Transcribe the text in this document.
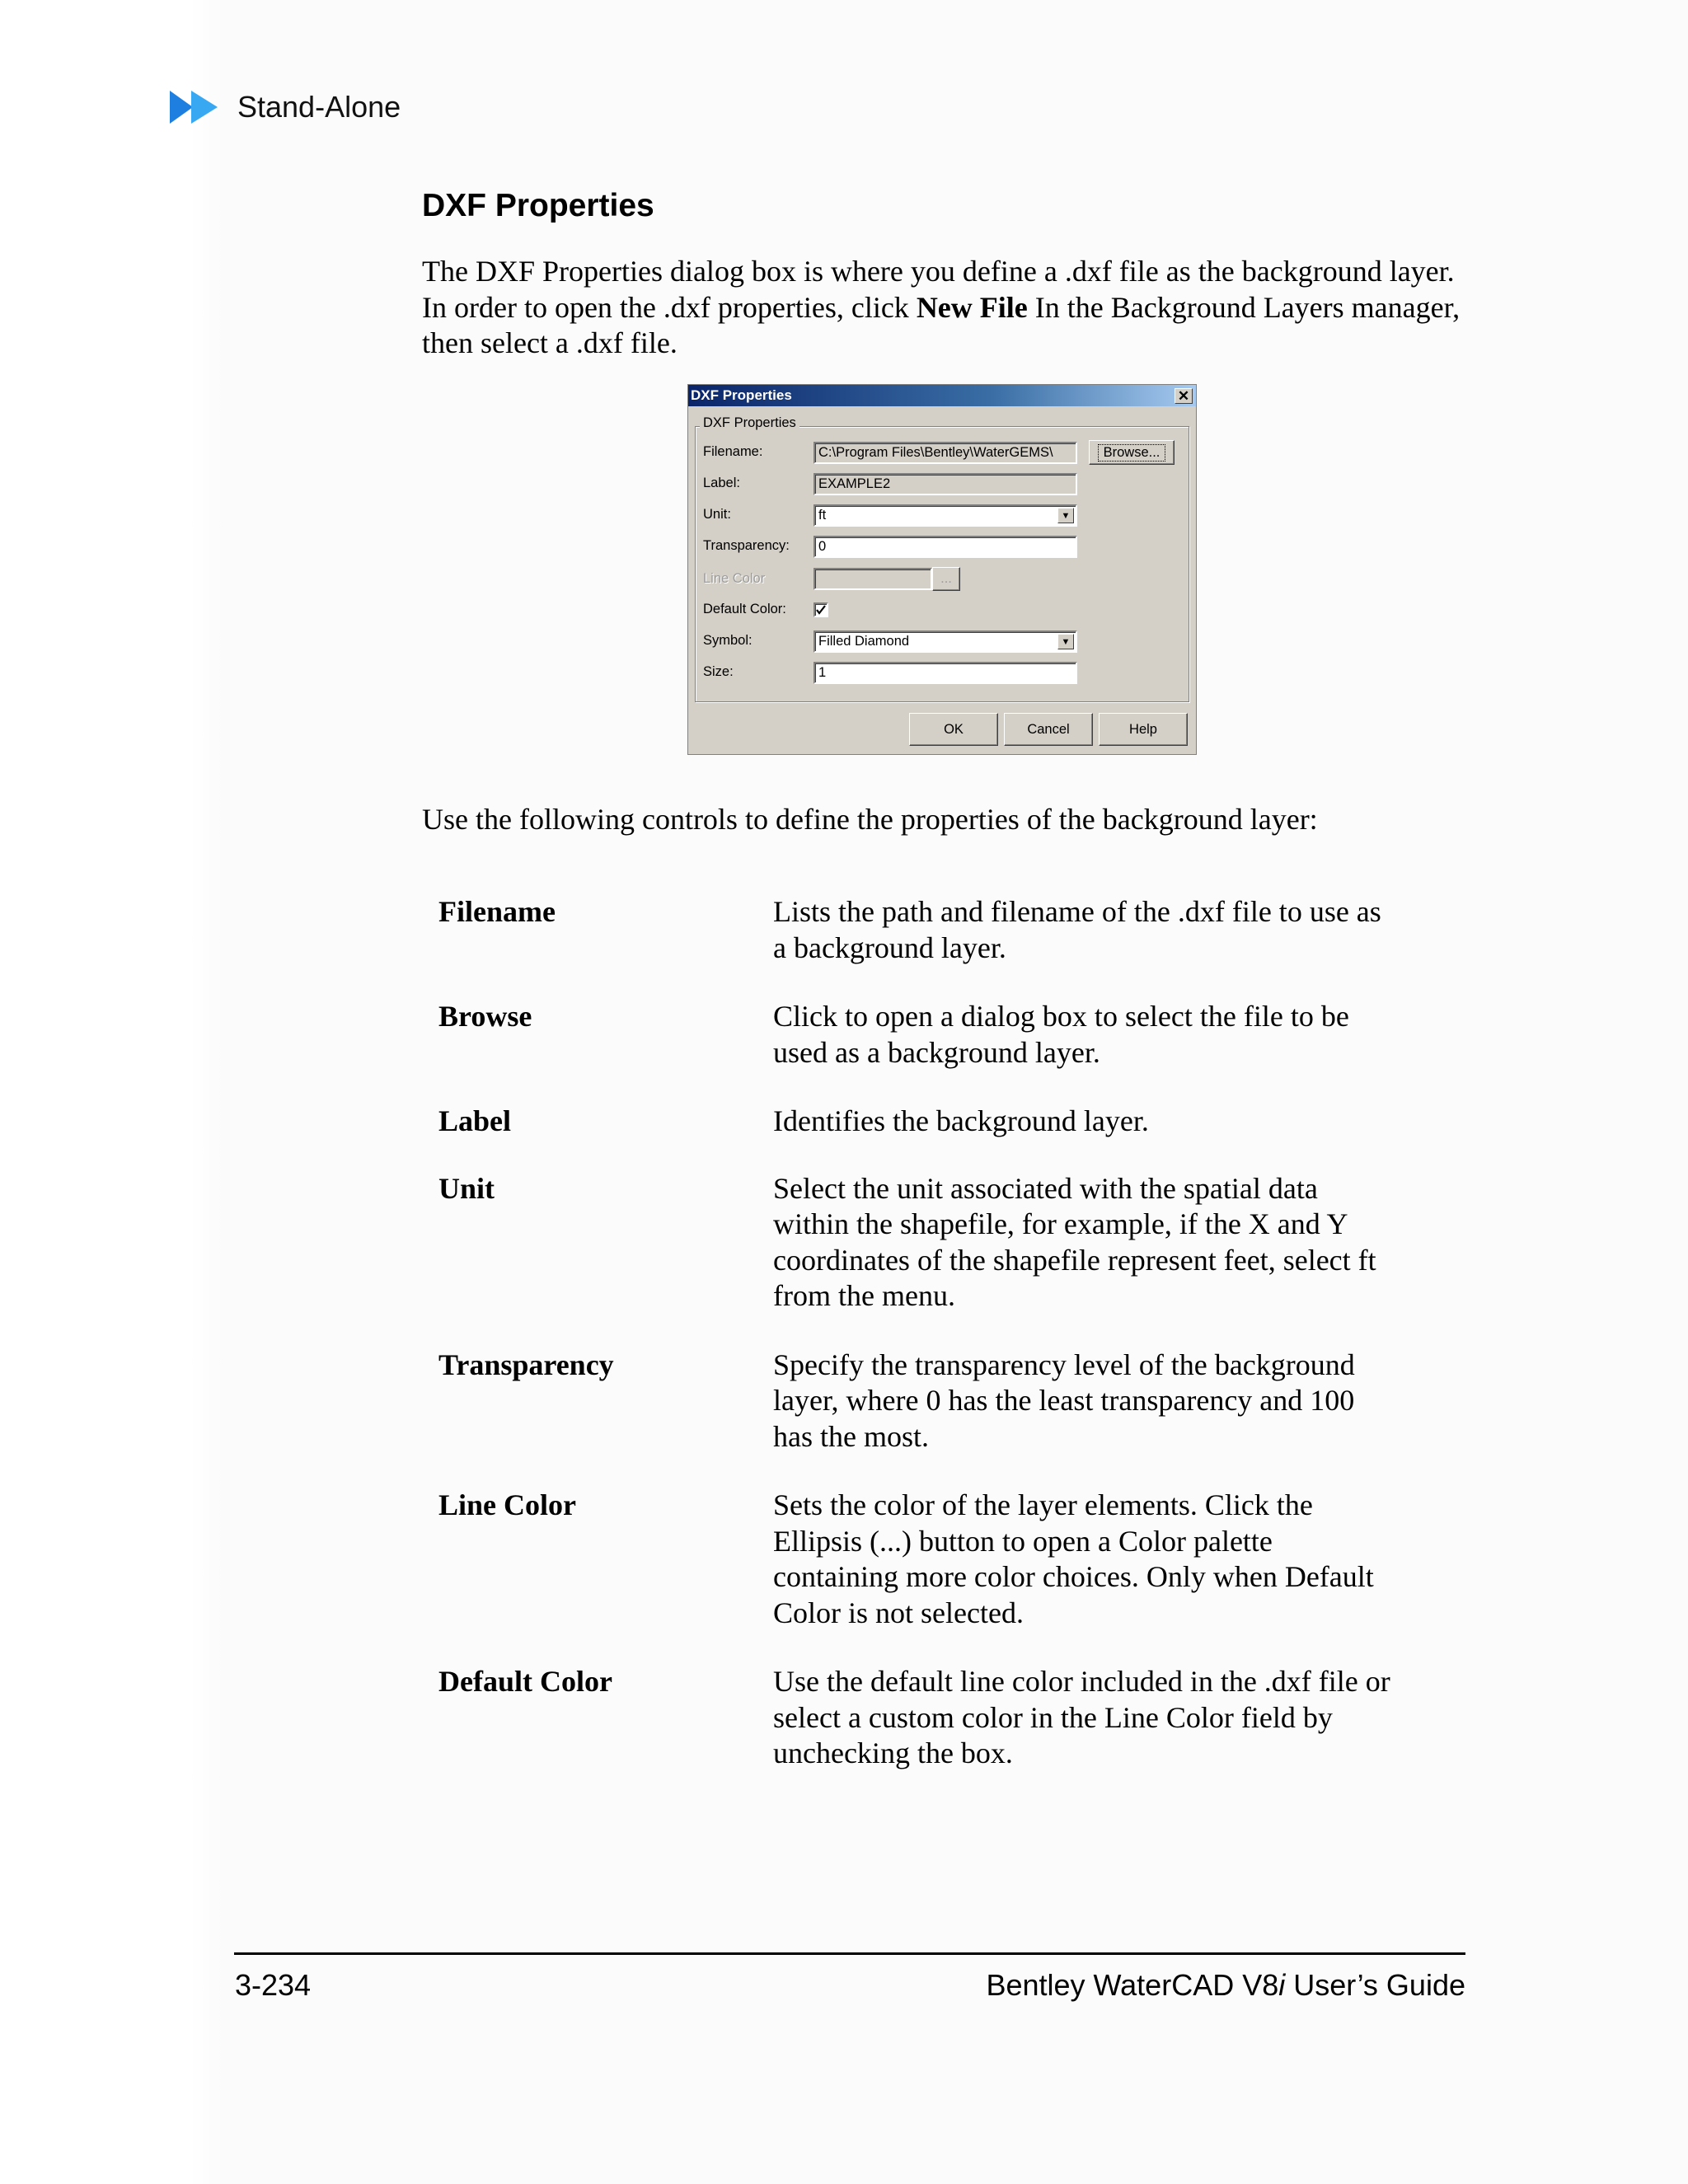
Stand-Alone
DXF Properties

The DXF Properties dialog box is where you define a .dxf file as the background layer. In order to open the .dxf properties, click New File In the Background Layers manager, then select a .dxf file.

DXF Properties	✕
DXF Properties
Filename:	C:\Program Files\Bentley\WaterGEMS\	Browse...
Label:	EXAMPLE2
Unit:	ft	▼
Transparency:	0
Line Color	...
Default Color:
Symbol:	Filled Diamond	▼
Size:	1
OK	Cancel	Help

Use the following controls to define the properties of the background layer:

Filename	Lists the path and filename of the .dxf file to use as a background layer.
Browse	Click to open a dialog box to select the file to be used as a background layer.
Label	Identifies the background layer.
Unit	Select the unit associated with the spatial data within the shapefile, for example, if the X and Y coordinates of the shapefile represent feet, select ft from the menu.
Transparency	Specify the transparency level of the background layer, where 0 has the least transparency and 100 has the most.
Line Color	Sets the color of the layer elements. Click the Ellipsis (...) button to open a Color palette containing more color choices. Only when Default Color is not selected.
Default Color	Use the default line color included in the .dxf file or select a custom color in the Line Color field by unchecking the box.
3-234	Bentley WaterCAD V8i User’s Guide
